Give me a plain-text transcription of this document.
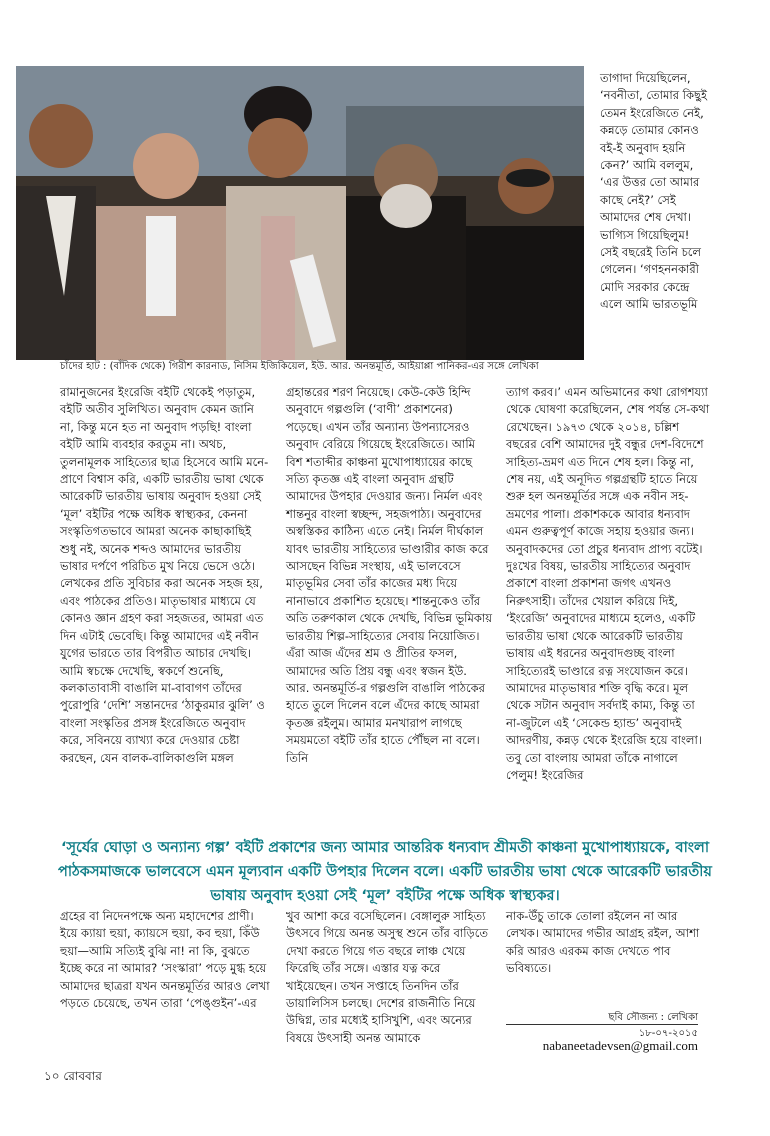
চাঁদের হাট : (বাঁদিক থেকে) গিরীশ কারনাড, নিসিম ইজিকিয়েল, ইউ. আর. অনন্তমূর্তি, আইয়াপ্পা পানিকর-এর সঙ্গে লেখিকা

তাগাদা দিয়েছিলেন, ‘নবনীতা, তোমার কিছুই তেমন ইংরেজিতে নেই, কন্নড়ে তোমার কোনও বই-ই অনুবাদ হয়নি কেন?’ আমি বললুম, ‘এর উত্তর তো আমার কাছে নেই?’ সেই আমাদের শেষ দেখা। ভাগ্যিস গিয়েছিলুম! সেই বছরেই তিনি চলে গেলেন। ‘গণহননকারী মোদি সরকার কেন্দ্রে এলে আমি ভারতভূমি

রামানুজনের ইংরেজি বইটি থেকেই পড়াতুম, বইটি অতীব সুলিখিত। অনুবাদ কেমন জানি না, কিন্তু মনে হত না অনুবাদ পড়ছি! বাংলা বইটি আমি ব্যবহার করতুম না। অথচ, তুলনামূলক সাহিত্যের ছাত্র হিসেবে আমি মনে-প্রাণে বিশ্বাস করি, একটি ভারতীয় ভাষা থেকে আরেকটি ভারতীয় ভাষায় অনুবাদ হওয়া সেই ‘মূল’ বইটির পক্ষে অধিক স্বাস্থ্যকর, কেননা সংস্কৃতিগতভাবে আমরা অনেক কাছাকাছিই শুধু নই, অনেক শব্দও আমাদের ভারতীয় ভাষার দর্পণে পরিচিত মুখ নিয়ে ভেসে ওঠে। লেখকের প্রতি সুবিচার করা অনেক সহজ হয়, এবং পাঠকের প্রতিও। মাতৃভাষার মাধ্যমে যে কোনও জ্ঞান গ্রহণ করা সহজতর, আমরা এত দিন এটাই ভেবেছি। কিন্তু আমাদের এই নবীন যুগের ভারতে তার বিপরীত আচার দেখছি। আমি স্বচক্ষে দেখেছি, স্বকর্ণে শুনেছি, কলকাতাবাসী বাঙালি মা-বাবাগণ তাঁদের পুরোপুরি ‘দেশি’ সন্তানদের ‘ঠাকুরমার ঝুলি’ ও বাংলা সংস্কৃতির প্রসঙ্গ ইংরেজিতে অনুবাদ করে, সবিনয়ে ব্যাখ্যা করে দেওয়ার চেষ্টা করছেন, যেন বালক-বালিকাগুলি মঙ্গল

গ্রহান্তরের শরণ নিয়েছে। কেউ-কেউ হিন্দি অনুবাদে গল্পগুলি (‘বাণী’ প্রকাশনের) পড়েছে। এখন তাঁর অন্যান্য উপন্যাসেরও অনুবাদ বেরিয়ে গিয়েছে ইংরেজিতে। আমি বিশ শতাব্দীর কাঞ্চনা মুখোপাধ্যায়ের কাছে সত্যি কৃতজ্ঞ এই বাংলা অনুবাদ গ্রন্থটি আমাদের উপহার দেওয়ার জন্য। নির্মল এবং শান্তনুর বাংলা স্বচ্ছন্দ, সহজপাঠ্য। অনুবাদের অস্বস্তিকর কাঠিন্য এতে নেই। নির্মল দীর্ঘকাল যাবৎ ভারতীয় সাহিত্যের ভাণ্ডারীর কাজ করে আসছেন বিভিন্ন সংস্থায়, এই ভালবেসে মাতৃভূমির সেবা তাঁর কাজের মধ্য দিয়ে নানাভাবে প্রকাশিত হয়েছে। শান্তনুকেও তাঁর অতি তরুণকাল থেকে দেখছি, বিভিন্ন ভূমিকায় ভারতীয় শিল্প-সাহিত্যের সেবায় নিয়োজিত। এঁরা আজ এঁদের শ্রম ও প্রীতির ফসল, আমাদের অতি প্রিয় বন্ধু এবং স্বজন ইউ. আর. অনন্তমূর্তি-র গল্পগুলি বাঙালি পাঠকের হাতে তুলে দিলেন বলে এঁদের কাছে আমরা কৃতজ্ঞ রইলুম। আমার মনখারাপ লাগছে সময়মতো বইটি তাঁর হাতে পৌঁছল না বলে। তিনি

ত্যাগ করব।’ এমন অভিমানের কথা রোগশয্যা থেকে ঘোষণা করেছিলেন, শেষ পর্যন্ত সে-কথা রেখেছেন। ১৯৭৩ থেকে ২০১৪, চল্লিশ বছরের বেশি আমাদের দুই বন্ধুর দেশ-বিদেশে সাহিত্য-ভ্রমণ এত দিনে শেষ হল। কিন্তু না, শেষ নয়, এই অনূদিত গল্পগ্রন্থটি হাতে নিয়ে শুরু হল অনন্তমূর্তির সঙ্গে এক নবীন সহ-ভ্রমণের পালা। প্রকাশককে আবার ধন্যবাদ এমন গুরুত্বপূর্ণ কাজে সহায় হওয়ার জন্য। অনুবাদকদের তো প্রচুর ধন্যবাদ প্রাপ্য বটেই। দুঃখের বিষয়, ভারতীয় সাহিত্যের অনুবাদ প্রকাশে বাংলা প্রকাশনা জগৎ এখনও নিরুৎসাহী। তাঁদের খেয়াল করিয়ে দিই, ‘ইংরেজি’ অনুবাদের মাধ্যমে হলেও, একটি ভারতীয় ভাষা থেকে আরেকটি ভারতীয় ভাষায় এই ধরনের অনুবাদগুচ্ছ বাংলা সাহিত্যেরই ভাণ্ডারে রত্ন সংযোজন করে। আমাদের মাতৃভাষার শক্তি বৃদ্ধি করে। মূল থেকে সটান অনুবাদ সর্বদাই কাম্য, কিন্তু তা না-জুটলে এই ‘সেকেন্ড হ্যান্ড’ অনুবাদই আদরণীয়, কন্নড় থেকে ইংরেজি হয়ে বাংলা। তবু তো বাংলায় আমরা তাঁকে নাগালে পেলুম! ইংরেজির

‘সূর্যের ঘোড়া ও অন্যান্য গল্প’ বইটি প্রকাশের জন্য আমার আন্তরিক ধন্যবাদ শ্রীমতী কাঞ্চনা মুখোপাধ্যায়কে, বাংলা পাঠকসমাজকে ভালবেসে এমন মূল্যবান একটি উপহার দিলেন বলে। একটি ভারতীয় ভাষা থেকে আরেকটি ভারতীয় ভাষায় অনুবাদ হওয়া সেই ‘মূল’ বইটির পক্ষে অধিক স্বাস্থ্যকর।

গ্রহের বা নিদেনপক্ষে অন্য মহাদেশের প্রাণী। ইয়ে ক্যায়া হুয়া, ক্যায়সে হুয়া, কব হুয়া, কিঁউ হুয়া—আমি সত্যিই বুঝি না! না কি, বুঝতে ইচ্ছে করে না আমার? ‘সংস্কারা’ পড়ে মুগ্ধ হয়ে আমাদের ছাত্ররা যখন অনন্তমূর্তির আরও লেখা পড়তে চেয়েছে, তখন তারা ‘পেঙ্গুইন’-এর

খুব আশা করে বসেছিলেন। বেঙ্গালুরু সাহিত্য উৎসবে গিয়ে অনন্ত অসুস্থ শুনে তাঁর বাড়িতে দেখা করতে গিয়ে গত বছরে লাঞ্চ খেয়ে ফিরেছি তাঁর সঙ্গে। এস্তার যত্ন করে খাইয়েছেন। তখন সপ্তাহে তিনদিন তাঁর ডায়ালিসিস চলছে। দেশের রাজনীতি নিয়ে উদ্বিগ্ন, তার মধ্যেই হাসিখুশি, এবং অন্যের বিষয়ে উৎসাহী অনন্ত আমাকে

নাক-উঁচু তাকে তোলা রইলেন না আর লেখক। আমাদের গভীর আগ্রহ রইল, আশা করি আরও এরকম কাজ দেখতে পাব ভবিষ্যতে।

ছবি সৌজন্য : লেখিকা
১৮-০৭-২০১৫
nabaneetadevsen@gmail.com
১০ রোববার
